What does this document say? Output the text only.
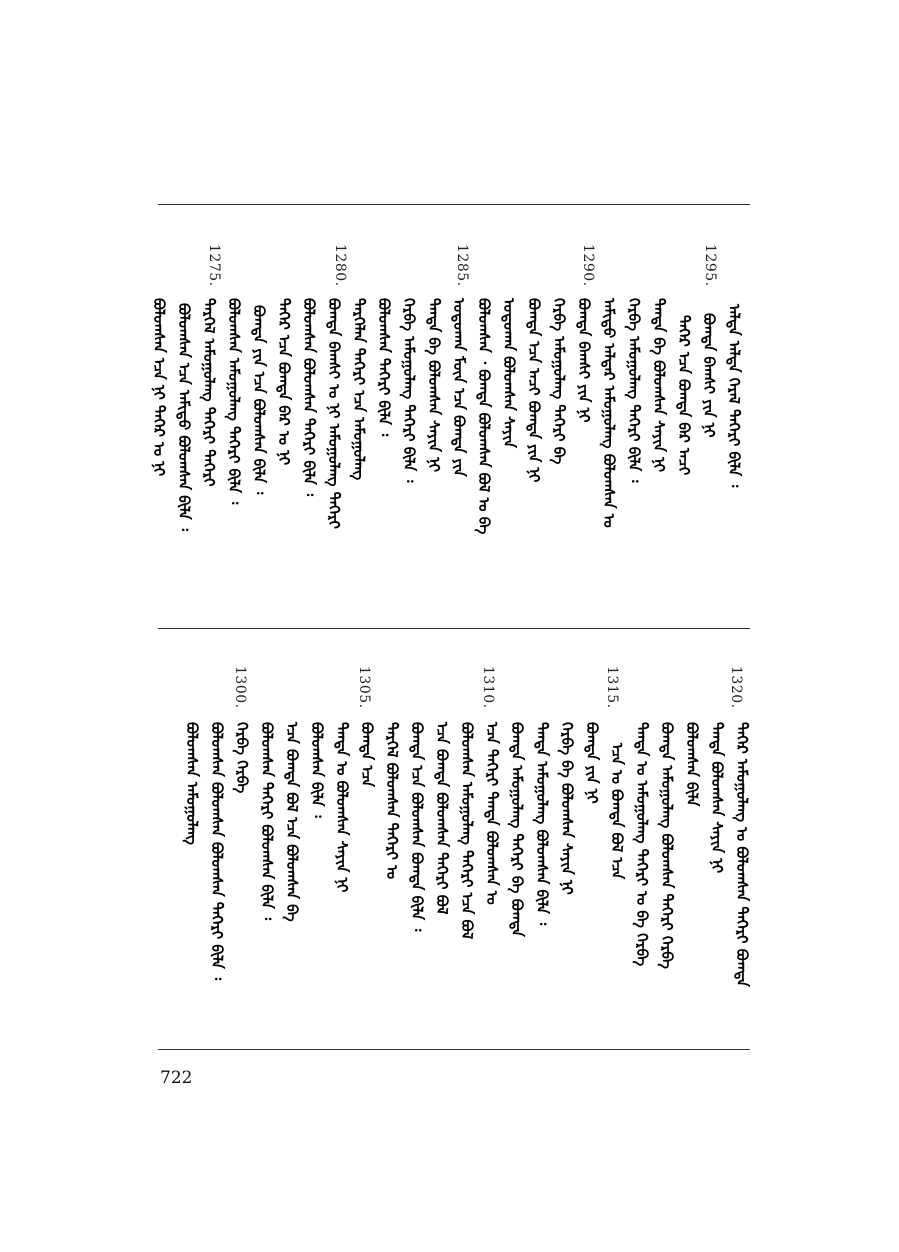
1295.
1290.
1285.
1280.
1275.
1320.
1315.
1310.
1305.
1300.
ᠠᠯᠲᠠ ᠠᠯᠲᠠ ᠭᠡᠷᠡᠯ ᠲᠡᠭᠡᠷᠢ ᠪᠢᠯᠡ ᠄
ᠪᠣᠭᠳᠠ ᠪᠠᠭᠰᠢ ᠶᠢᠨ ᠨᠢ
ᠲᠡᠭᠡᠷ ᠡᠴᠡ ᠪᠣᠭᠳᠠ ᠪᠠᠷ ᠠᠴᠢ
ᠲᠡᠨᠳᠡ ᠪᠡ ᠪᠣᠯᠤᠭᠰᠠᠨ ᠰᠠᠶᠢᠨ ᠨᠢ
ᠬᠡᠷᠪᠡ ᠠᠮᠤᠭᠤᠯᠠᠩ ᠲᠡᠭᠡᠷᠢ ᠪᠢᠯᠡ ᠄
ᠠᠮᠢᠳᠤ ᠠᠯᠳᠠᠷ ᠠᠮᠤᠭᠤᠯᠠᠩ ᠪᠣᠯᠤᠭᠰᠠᠨ ᠤ
ᠪᠣᠭᠳᠠ ᠪᠠᠭᠰᠢ ᠶᠢᠨ ᠨᠢ
ᠬᠡᠷᠪᠡ ᠠᠮᠤᠭᠤᠯᠠᠩ ᠲᠡᠭᠡᠷᠢ ᠪᠡ
ᠪᠣᠭᠳᠠ ᠡᠴᠡ ᠠᠴᠢ ᠪᠣᠭᠳᠠ ᠶᠢᠨ ᠨᠢ
ᠣᠳᠣᠬᠠᠨ ᠪᠣᠯᠤᠭᠰᠠᠨ ᠰᠠᠶᠢᠨ
ᠪᠣᠯᠤᠭᠰᠠᠨ ᠂ ᠪᠣᠭᠳᠠ ᠪᠣᠯᠤᠭᠰᠠᠨ ᠪᠣᠯ ᠤ ᠪᠡ
ᠣᠳᠣᠬᠠᠨ ᠮᠥᠨ ᠡᠴᠡ ᠪᠣᠭᠳᠠ ᠶᠢᠨ
ᠲᠡᠨᠳᠡ ᠪᠡ ᠪᠣᠯᠤᠭᠰᠠᠨ ᠰᠠᠶᠢᠨ ᠨᠢ
ᠬᠡᠷᠪᠡ ᠠᠮᠤᠭᠤᠯᠠᠩ ᠲᠡᠭᠡᠷᠢ ᠪᠢᠯᠡ ᠄
ᠪᠣᠯᠤᠭᠰᠠᠨ ᠲᠡᠭᠡᠷᠢ ᠪᠢᠯᠡ ᠄
ᠲᠡᠷᠭᠡᠯᠡᠨ ᠲᠡᠭᠡᠷᠢ ᠡᠴᠡ ᠠᠮᠤᠭᠤᠯᠠᠩ
ᠪᠣᠭᠳᠠ ᠪᠠᠭᠰᠢ ᠤ ᠨᠢ ᠠᠮᠤᠭᠤᠯᠠᠩ ᠲᠡᠭᠡᠷᠢ
ᠪᠣᠯᠤᠭᠰᠠᠨ ᠪᠣᠯᠤᠭᠰᠠᠨ ᠲᠡᠭᠡᠷᠢ ᠪᠢᠯᠡ ᠄
ᠲᠡᠭᠡᠷ ᠡᠴᠡ ᠪᠣᠭᠳᠠ ᠪᠠᠷ ᠤ ᠨᠢ
ᠪᠣᠭᠳᠠ ᠶᠢᠨ ᠡᠴᠡ ᠪᠣᠯᠤᠭᠰᠠᠨ ᠪᠢᠯᠡ ᠄
ᠪᠣᠯᠤᠭᠰᠠᠨ ᠠᠮᠤᠭᠤᠯᠠᠩ ᠲᠡᠭᠡᠷᠢ ᠪᠢᠯᠡ ᠄
ᠲᠡᠷᠭᠡᠯ ᠠᠮᠤᠭᠤᠯᠠᠩ ᠲᠡᠭᠡᠷᠢ ᠲᠡᠭᠡᠷᠢ
ᠪᠣᠯᠤᠭᠰᠠᠨ ᠡᠴᠡ ᠠᠮᠢᠳᠤ ᠪᠣᠯᠤᠭᠰᠠᠨ ᠪᠢᠯᠡ ᠄
ᠪᠣᠯᠤᠭᠰᠠᠨ ᠡᠴᠡ ᠨᠢ ᠲᠡᠭᠡᠷ ᠤ ᠨᠢ
ᠲᠡᠭᠡᠷ ᠠᠮᠤᠭᠤᠯᠠᠩ ᠤ ᠪᠣᠯᠤᠭᠰᠠᠨ ᠲᠡᠭᠡᠷᠢ ᠪᠣᠭᠳᠠ
ᠲᠡᠨᠳᠡ ᠪᠣᠯᠤᠭᠰᠠᠨ ᠰᠠᠶᠢᠨ ᠨᠢ
ᠪᠣᠯᠤᠭᠰᠠᠨ ᠪᠢᠯᠡ
ᠪᠣᠭᠳᠠ ᠠᠮᠤᠭᠤᠯᠠᠩ ᠪᠣᠯᠤᠭᠰᠠᠨ ᠲᠡᠭᠡᠷᠢ ᠬᠡᠷᠪᠡ
ᠲᠡᠨᠳᠡ ᠤ ᠠᠮᠤᠭᠤᠯᠠᠩ ᠲᠡᠭᠡᠷᠢ ᠤ ᠪᠠ ᠬᠡᠷᠪᠡ
ᠡᠴᠡ ᠤ ᠪᠣᠭᠳᠠ ᠪᠣᠯ ᠡᠴᠡ
ᠪᠣᠭᠳᠠ ᠶᠢᠨ ᠨᠢ
ᠬᠡᠷᠪᠡ ᠪᠡ ᠪᠣᠯᠤᠭᠰᠠᠨ ᠰᠠᠶᠢᠨ ᠨᠢ
ᠲᠡᠨᠳᠡ ᠠᠮᠤᠭᠤᠯᠠᠩ ᠪᠣᠯᠤᠭᠰᠠᠨ ᠪᠢᠯᠡ ᠄
ᠪᠣᠭᠳᠠ ᠠᠮᠤᠭᠤᠯᠠᠩ ᠲᠡᠭᠡᠷᠢ ᠪᠡ ᠪᠣᠭᠳᠠ
ᠡᠴᠡ ᠲᠡᠭᠡᠷᠢ ᠲᠡᠨᠳᠡ ᠪᠣᠯᠤᠭᠰᠠᠨ ᠤ
ᠪᠣᠯᠤᠭᠰᠠᠨ ᠠᠮᠤᠭᠤᠯᠠᠩ ᠲᠡᠭᠡᠷᠢ ᠡᠴᠡ ᠪᠣᠯ
ᠡᠴᠡ ᠪᠣᠭᠳᠠ ᠪᠣᠯᠤᠭᠰᠠᠨ ᠲᠡᠭᠡᠷᠢ ᠪᠣᠯ
ᠪᠣᠭᠳᠠ ᠡᠴᠡ ᠪᠣᠯᠤᠭᠰᠠᠨ ᠪᠣᠭᠳᠠ ᠪᠢᠯᠡ ᠄
ᠲᠡᠷᠭᠡᠯ ᠪᠣᠯᠤᠭᠰᠠᠨ ᠲᠡᠭᠡᠷᠢ ᠤ
ᠪᠣᠭᠳᠠ ᠡᠴᠡ
ᠲᠡᠨᠳᠡ ᠤ ᠪᠣᠯᠤᠭᠰᠠᠨ ᠰᠠᠶᠢᠨ ᠨᠢ
ᠪᠣᠯᠤᠭᠰᠠᠨ ᠪᠢᠯᠡ ᠄
ᠡᠴᠡ ᠪᠣᠭᠳᠠ ᠪᠣᠯ ᠡᠴᠡ ᠪᠣᠯᠤᠭᠰᠠᠨ ᠪᠡ
ᠪᠣᠯᠤᠭᠰᠠᠨ ᠲᠡᠭᠡᠷᠢ ᠪᠣᠯᠤᠭᠰᠠᠨ ᠪᠢᠯᠡ ᠄
ᠬᠡᠷᠪᠡ ᠬᠡᠷᠪᠡ
ᠪᠣᠯᠤᠭᠰᠠᠨ ᠪᠣᠯᠤᠭᠰᠠᠨ ᠪᠣᠯᠤᠭᠰᠠᠨ ᠲᠡᠭᠡᠷᠢ ᠪᠢᠯᠡ ᠄
ᠪᠣᠯᠤᠭᠰᠠᠨ ᠠᠮᠤᠭᠤᠯᠠᠩ
722
